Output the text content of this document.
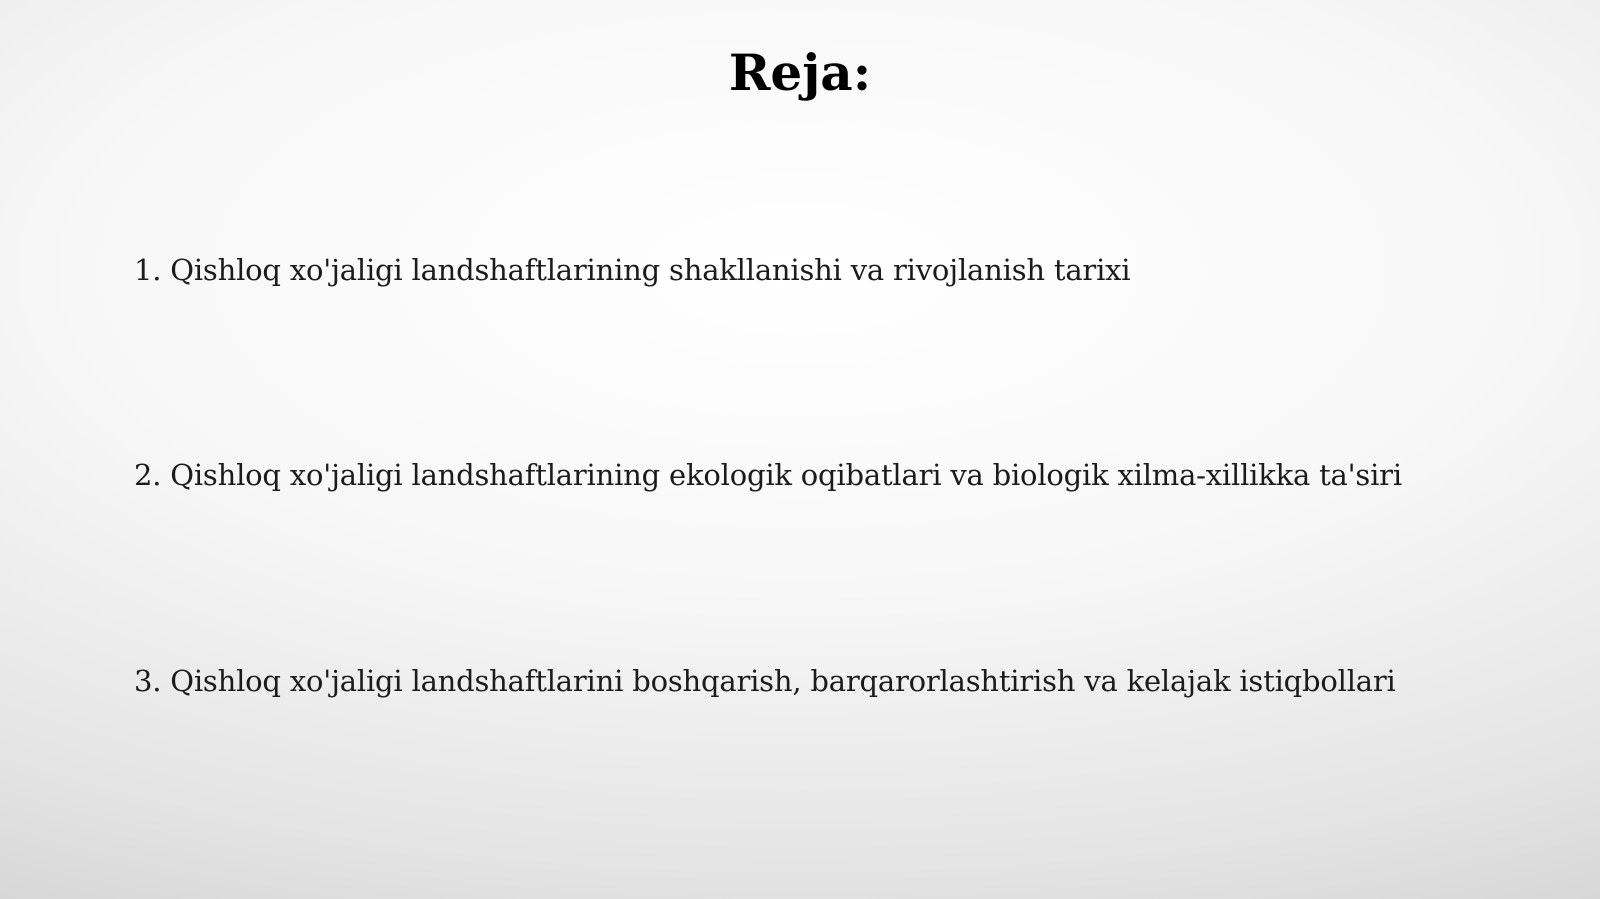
Reja:
1. Qishloq xo'jaligi landshaftlarining shakllanishi va rivojlanish tarixi
2. Qishloq xo'jaligi landshaftlarining ekologik oqibatlari va biologik xilma-xillikka ta'siri
3. Qishloq xo'jaligi landshaftlarini boshqarish, barqarorlashtirish va kelajak istiqbollari
